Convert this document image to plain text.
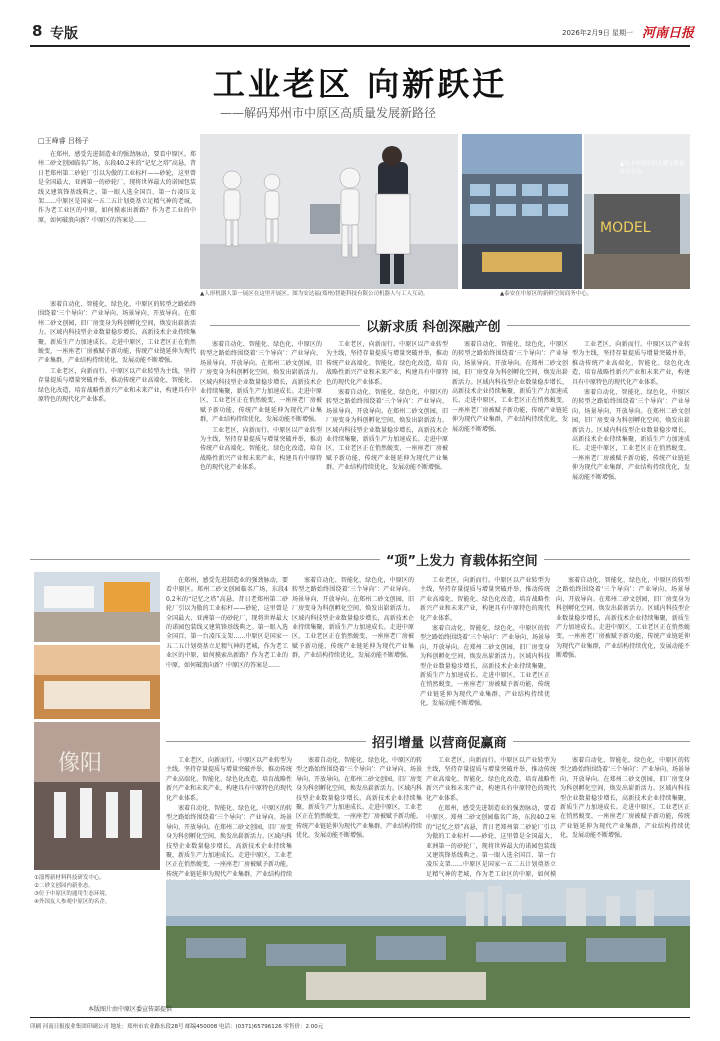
8 专版	2026年2月9日 星期一 河南日报
工业老区 向新跃迁
——解码郑州市中原区高质量发展新路径
□王峰睿 吕杨子

在郑州，感受先进制造业的强劲脉动，要看中原区。郑州二砂文创园临名广场，东段40.2米的“记忆之塔”高悬，昔日老郑州第二砂轮厂引以为傲的工业标杆——砂轮，这里曾是全国最大、亚洲第一的砂轮厂，现将世界最大的诺园包装线又建筑锋基线典之。第一眼入选全国百、第一台凌压支架……中原区是国家一五二五计划奠基立足精气神的老城，作为老工业区的中原，如何摸索出新路？作为老工业的中原，如何破浪向新？中原区的答案是……

▲人形机器人第一展区在这里开展区。图为安达福(郑州)智能科技有限公司机器人与工人互动。
MODEL
▲位于中原区的主题文旅街区打卡点。
▲泰安在中原区的新鲜空间商务中心。

塞着自动化、智能化、绿色化，中原区的转型之路始终围绕着‘三个导向’：产业导向、场景导向、开放导向。在郑州二砂文创园，旧厂房变身为科创孵化空间，焕发出崭新活力。区域内科技型企业数量稳步增长，高新技术企业持续集聚，新质生产力加速成长。走进中原区，工业老区正在悄然蜕变，一座座老厂房被赋予新功能，传统产业链延伸为现代产业集群，产业结构持续优化，发展动能不断增强。

工业老区，向新而行。中原区以产业转型为主线，坚持存量提质与增量突破并举，推动传统产业高端化、智能化、绿色化改造，培育战略性新兴产业和未来产业，构建具有中原特色的现代化产业体系。

以新求质 科创深融产创

塞着自动化、智能化、绿色化，中原区的转型之路始终围绕着‘三个导向’：产业导向、场景导向、开放导向。在郑州二砂文创园，旧厂房变身为科创孵化空间，焕发出崭新活力。区域内科技型企业数量稳步增长，高新技术企业持续集聚，新质生产力加速成长。走进中原区，工业老区正在悄然蜕变，一座座老厂房被赋予新功能，传统产业链延伸为现代产业集群，产业结构持续优化，发展动能不断增强。

工业老区，向新而行。中原区以产业转型为主线，坚持存量提质与增量突破并举，推动传统产业高端化、智能化、绿色化改造，培育战略性新兴产业和未来产业，构建具有中原特色的现代化产业体系。

工业老区，向新而行。中原区以产业转型为主线，坚持存量提质与增量突破并举，推动传统产业高端化、智能化、绿色化改造，培育战略性新兴产业和未来产业，构建具有中原特色的现代化产业体系。

塞着自动化、智能化、绿色化，中原区的转型之路始终围绕着‘三个导向’：产业导向、场景导向、开放导向。在郑州二砂文创园，旧厂房变身为科创孵化空间，焕发出崭新活力。区域内科技型企业数量稳步增长，高新技术企业持续集聚，新质生产力加速成长。走进中原区，工业老区正在悄然蜕变，一座座老厂房被赋予新功能，传统产业链延伸为现代产业集群，产业结构持续优化，发展动能不断增强。

塞着自动化、智能化、绿色化，中原区的转型之路始终围绕着‘三个导向’：产业导向、场景导向、开放导向。在郑州二砂文创园，旧厂房变身为科创孵化空间，焕发出崭新活力。区域内科技型企业数量稳步增长，高新技术企业持续集聚，新质生产力加速成长。走进中原区，工业老区正在悄然蜕变，一座座老厂房被赋予新功能，传统产业链延伸为现代产业集群，产业结构持续优化，发展动能不断增强。

工业老区，向新而行。中原区以产业转型为主线，坚持存量提质与增量突破并举，推动传统产业高端化、智能化、绿色化改造，培育战略性新兴产业和未来产业，构建具有中原特色的现代化产业体系。

塞着自动化、智能化、绿色化，中原区的转型之路始终围绕着‘三个导向’：产业导向、场景导向、开放导向。在郑州二砂文创园，旧厂房变身为科创孵化空间，焕发出崭新活力。区域内科技型企业数量稳步增长，高新技术企业持续集聚，新质生产力加速成长。走进中原区，工业老区正在悄然蜕变，一座座老厂房被赋予新功能，传统产业链延伸为现代产业集群，产业结构持续优化，发展动能不断增强。

“项”上发力 育载体拓空间
像阳

在郑州，感受先进制造业的强劲脉动，要看中原区。郑州二砂文创园临名广场，东段40.2米的“记忆之塔”高悬，昔日老郑州第二砂轮厂引以为傲的工业标杆——砂轮，这里曾是全国最大、亚洲第一的砂轮厂，现将世界最大的诺园包装线又建筑锋基线典之。第一眼入选全国百、第一台凌压支架……中原区是国家一五二五计划奠基立足精气神的老城，作为老工业区的中原，如何摸索出新路？作为老工业的中原，如何破浪向新？中原区的答案是……

塞着自动化、智能化、绿色化，中原区的转型之路始终围绕着‘三个导向’：产业导向、场景导向、开放导向。在郑州二砂文创园，旧厂房变身为科创孵化空间，焕发出崭新活力。区域内科技型企业数量稳步增长，高新技术企业持续集聚，新质生产力加速成长。走进中原区，工业老区正在悄然蜕变，一座座老厂房被赋予新功能，传统产业链延伸为现代产业集群，产业结构持续优化，发展动能不断增强。

工业老区，向新而行。中原区以产业转型为主线，坚持存量提质与增量突破并举，推动传统产业高端化、智能化、绿色化改造，培育战略性新兴产业和未来产业，构建具有中原特色的现代化产业体系。

塞着自动化、智能化、绿色化，中原区的转型之路始终围绕着‘三个导向’：产业导向、场景导向、开放导向。在郑州二砂文创园，旧厂房变身为科创孵化空间，焕发出崭新活力。区域内科技型企业数量稳步增长，高新技术企业持续集聚，新质生产力加速成长。走进中原区，工业老区正在悄然蜕变，一座座老厂房被赋予新功能，传统产业链延伸为现代产业集群，产业结构持续优化，发展动能不断增强。

塞着自动化、智能化、绿色化，中原区的转型之路始终围绕着‘三个导向’：产业导向、场景导向、开放导向。在郑州二砂文创园，旧厂房变身为科创孵化空间，焕发出崭新活力。区域内科技型企业数量稳步增长，高新技术企业持续集聚，新质生产力加速成长。走进中原区，工业老区正在悄然蜕变，一座座老厂房被赋予新功能，传统产业链延伸为现代产业集群，产业结构持续优化，发展动能不断增强。

招引增量 以营商促赢商

工业老区，向新而行。中原区以产业转型为主线，坚持存量提质与增量突破并举，推动传统产业高端化、智能化、绿色化改造，培育战略性新兴产业和未来产业，构建具有中原特色的现代化产业体系。

塞着自动化、智能化、绿色化，中原区的转型之路始终围绕着‘三个导向’：产业导向、场景导向、开放导向。在郑州二砂文创园，旧厂房变身为科创孵化空间，焕发出崭新活力。区域内科技型企业数量稳步增长，高新技术企业持续集聚，新质生产力加速成长。走进中原区，工业老区正在悄然蜕变，一座座老厂房被赋予新功能，传统产业链延伸为现代产业集群，产业结构持续

塞着自动化、智能化、绿色化，中原区的转型之路始终围绕着‘三个导向’：产业导向、场景导向、开放导向。在郑州二砂文创园，旧厂房变身为科创孵化空间，焕发出崭新活力。区域内科技型企业数量稳步增长，高新技术企业持续集聚，新质生产力加速成长。走进中原区，工业老区正在悄然蜕变，一座座老厂房被赋予新功能，传统产业链延伸为现代产业集群，产业结构持续优化，发展动能不断增强。

工业老区，向新而行。中原区以产业转型为主线，坚持存量提质与增量突破并举，推动传统产业高端化、智能化、绿色化改造，培育战略性新兴产业和未来产业，构建具有中原特色的现代化产业体系。

在郑州，感受先进制造业的强劲脉动，要看中原区。郑州二砂文创园临名广场，东段40.2米的“记忆之塔”高悬，昔日老郑州第二砂轮厂引以为傲的工业标杆——砂轮，这里曾是全国最大、亚洲第一的砂轮厂，现将世界最大的诺园包装线又建筑锋基线典之。第一眼入选全国百、第一台凌压支架……中原区是国家一五二五计划奠基立足精气神的老城，作为老工业区的中原，如何摸

塞着自动化、智能化、绿色化，中原区的转型之路始终围绕着‘三个导向’：产业导向、场景导向、开放导向。在郑州二砂文创园，旧厂房变身为科创孵化空间，焕发出崭新活力。区域内科技型企业数量稳步增长，高新技术企业持续集聚，新质生产力加速成长。走进中原区，工业老区正在悄然蜕变，一座座老厂房被赋予新功能，传统产业链延伸为现代产业集群，产业结构持续优化，发展动能不断增强。

①淄博新材料科技研发中心。
②二砂文创园内新业态。
③位于中原区的通用生态环境。
④外国友人参观中原区的名企。
本版图片由中原区委宣传部提供
印刷 河南日报报业集团印刷公司 地址：郑州市农业路东段28号 邮编450008 电话：(0371)65796126 零售价：2.00元
